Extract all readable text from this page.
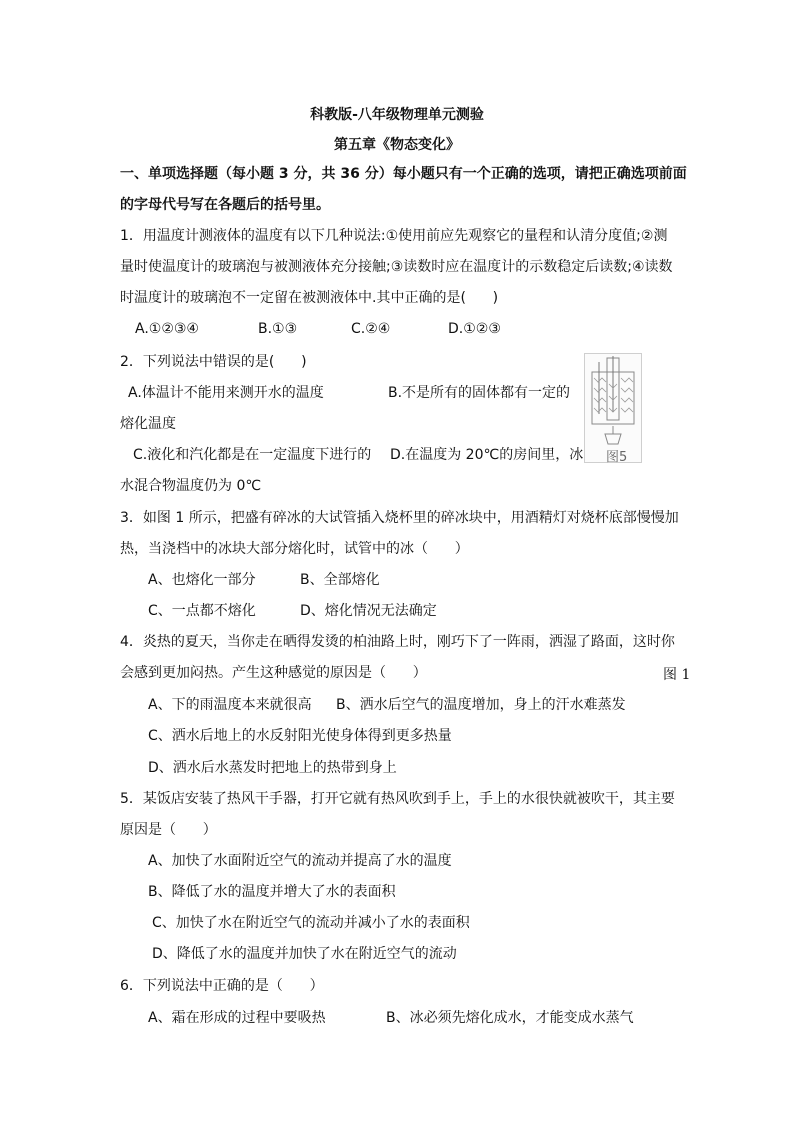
科教版-八年级物理单元测验
第五章《物态变化》
一、单项选择题（每小题 3 分，共 36 分）每小题只有一个正确的选项，请把正确选项前面
的字母代号写在各题后的括号里。
1．用温度计测液体的温度有以下几种说法:①使用前应先观察它的量程和认清分度值;②测
量时使温度计的玻璃泡与被测液体充分接触;③读数时应在温度计的示数稳定后读数;④读数
时温度计的玻璃泡不一定留在被测液体中.其中正确的是(      )
A.①②③④	B.①③	C.②④	D.①②③
2．下列说法中错误的是(      )
A.体温计不能用来测开水的温度	B.不是所有的固体都有一定的
熔化温度
C.液化和汽化都是在一定温度下进行的 D.在温度为 20℃的房间里，冰
水混合物温度仍为 0℃
图5
3．如图 1 所示，把盛有碎冰的大试管插入烧杯里的碎冰块中，用酒精灯对烧杯底部慢慢加
热，当浇档中的冰块大部分熔化时，试管中的冰（      ）
A、也熔化一部分	B、全部熔化
C、一点都不熔化	D、熔化情况无法确定
4．炎热的夏天，当你走在晒得发烫的柏油路上时，刚巧下了一阵雨，洒湿了路面，这时你
会感到更加闷热。产生这种感觉的原因是（      ）	图 1
A、下的雨温度本来就很高 B、洒水后空气的温度增加，身上的汗水难蒸发
C、洒水后地上的水反射阳光使身体得到更多热量
D、洒水后水蒸发时把地上的热带到身上
5．某饭店安装了热风干手器，打开它就有热风吹到手上，手上的水很快就被吹干，其主要
原因是（      ）
A、加快了水面附近空气的流动并提高了水的温度
B、降低了水的温度并增大了水的表面积
C、加快了水在附近空气的流动并减小了水的表面积
D、降低了水的温度并加快了水在附近空气的流动
6．下列说法中正确的是（      ）
A、霜在形成的过程中要吸热	B、冰必须先熔化成水，才能变成水蒸气
